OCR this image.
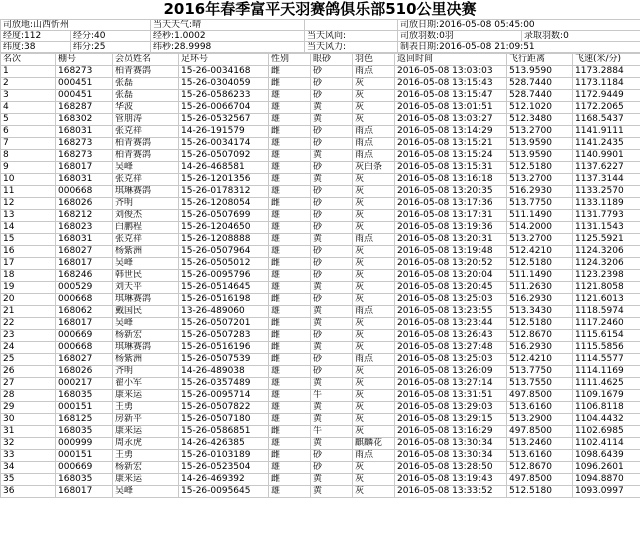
2016年春季富平天羽赛鸽俱乐部510公里决赛
司放地:山西忻州		当天天气:晴		司放日期:2016-05-08 05:45:00	
经度:112	经分:40	经秒:1.0002	当天风向:	司放羽数:0羽	录取羽数:0
纬度:38	纬分:25	纬秒:28.9998	当天风力:	制表日期:2016-05-08 21:09:51	
名次	棚号	会员姓名	足环号	性别	眼砂	羽色	返回时间	飞行距离	飞速(米/分)
1	168273	柏青赛鸽	15-26-0034168	雌	砂	雨点	2016-05-08 13:03:03	513.9590	1173.2884
2	000451	张磊	15-26-0304059	雌	砂	灰	2016-05-08 13:15:43	528.7440	1173.1184
3	000451	张磊	15-26-0586233	雄	砂	灰	2016-05-08 13:15:47	528.7440	1172.9449
4	168287	华波	15-26-0066704	雄	黄	灰	2016-05-08 13:01:51	512.1020	1172.2065
5	168302	管朋涛	15-26-0532567	雄	黄	灰	2016-05-08 13:03:27	512.3480	1168.5437
6	168031	张克祥	14-26-191579	雌	砂	雨点	2016-05-08 13:14:29	513.2700	1141.9111
7	168273	柏青赛鸽	15-26-0034174	雄	砂	雨点	2016-05-08 13:15:21	513.9590	1141.2435
8	168273	柏青赛鸽	15-26-0507092	雄	黄	雨点	2016-05-08 13:15:24	513.9590	1140.9901
9	168017	吴峰	14-26-468581	雄	砂	灰白条	2016-05-08 13:15:31	512.5180	1137.6227
10	168031	张克祥	15-26-1201356	雄	黄	灰	2016-05-08 13:16:18	513.2700	1137.3144
11	000668	琪琳赛鸽	15-26-0178312	雄	砂	灰	2016-05-08 13:20:35	516.2930	1133.2570
12	168026	齐明	15-26-1208054	雌	砂	灰	2016-05-08 13:17:36	513.7750	1133.1189
13	168212	刘俊杰	15-26-0507699	雄	砂	灰	2016-05-08 13:17:31	511.1490	1131.7793
14	168023	白鹏程	15-26-1204650	雄	砂	灰	2016-05-08 13:19:36	514.2000	1131.1543
15	168031	张克祥	15-26-1208888	雄	黄	雨点	2016-05-08 13:20:31	513.2700	1125.5921
16	168027	杨紫洲	15-26-0507964	雄	砂	灰	2016-05-08 13:19:48	512.4210	1124.3206
17	168017	吴峰	15-26-0505012	雌	砂	灰	2016-05-08 13:20:52	512.5180	1124.3206
18	168246	韩世民	15-26-0095796	雄	砂	灰	2016-05-08 13:20:04	511.1490	1123.2398
19	000529	刘天平	15-26-0514645	雄	黄	灰	2016-05-08 13:20:45	511.2630	1121.8058
20	000668	琪琳赛鸽	15-26-0516198	雌	砂	灰	2016-05-08 13:25:03	516.2930	1121.6013
21	168062	戴国民	13-26-489060	雄	黄	雨点	2016-05-08 13:23:55	513.3430	1118.5974
22	168017	吴峰	15-26-0507201	雌	黄	灰	2016-05-08 13:23:44	512.5180	1117.2460
23	000669	杨新宏	15-26-0507283	雌	砂	灰	2016-05-08 13:26:43	512.8670	1115.6154
24	000668	琪琳赛鸽	15-26-0516196	雌	黄	灰	2016-05-08 13:27:48	516.2930	1115.5856
25	168027	杨紫洲	15-26-0507539	雌	砂	雨点	2016-05-08 13:25:03	512.4210	1114.5577
26	168026	齐明	14-26-489038	雄	砂	灰	2016-05-08 13:26:09	513.7750	1114.1169
27	000217	翟小军	15-26-0357489	雄	黄	灰	2016-05-08 13:27:14	513.7550	1111.4625
28	168035	康来运	15-26-0095714	雄	牛	灰	2016-05-08 13:31:51	497.8500	1109.1679
29	000151	王勇	15-26-0507822	雄	黄	灰	2016-05-08 13:29:03	513.6160	1106.8118
30	168125	房新平	15-26-0507180	雄	黄	灰	2016-05-08 13:29:15	513.2900	1104.4432
31	168035	康来运	15-26-0586851	雌	牛	灰	2016-05-08 13:16:29	497.8500	1102.6985
32	000999	周永虎	14-26-426385	雄	黄	麒麟花	2016-05-08 13:30:34	513.2460	1102.4114
33	000151	王勇	15-26-0103189	雌	砂	雨点	2016-05-08 13:30:34	513.6160	1098.6439
34	000669	杨新宏	15-26-0523504	雄	砂	灰	2016-05-08 13:28:50	512.8670	1096.2601
35	168035	康来运	14-26-469392	雌	黄	灰	2016-05-08 13:19:43	497.8500	1094.8870
36	168017	吴峰	15-26-0095645	雄	黄	灰	2016-05-08 13:33:52	512.5180	1093.0997
